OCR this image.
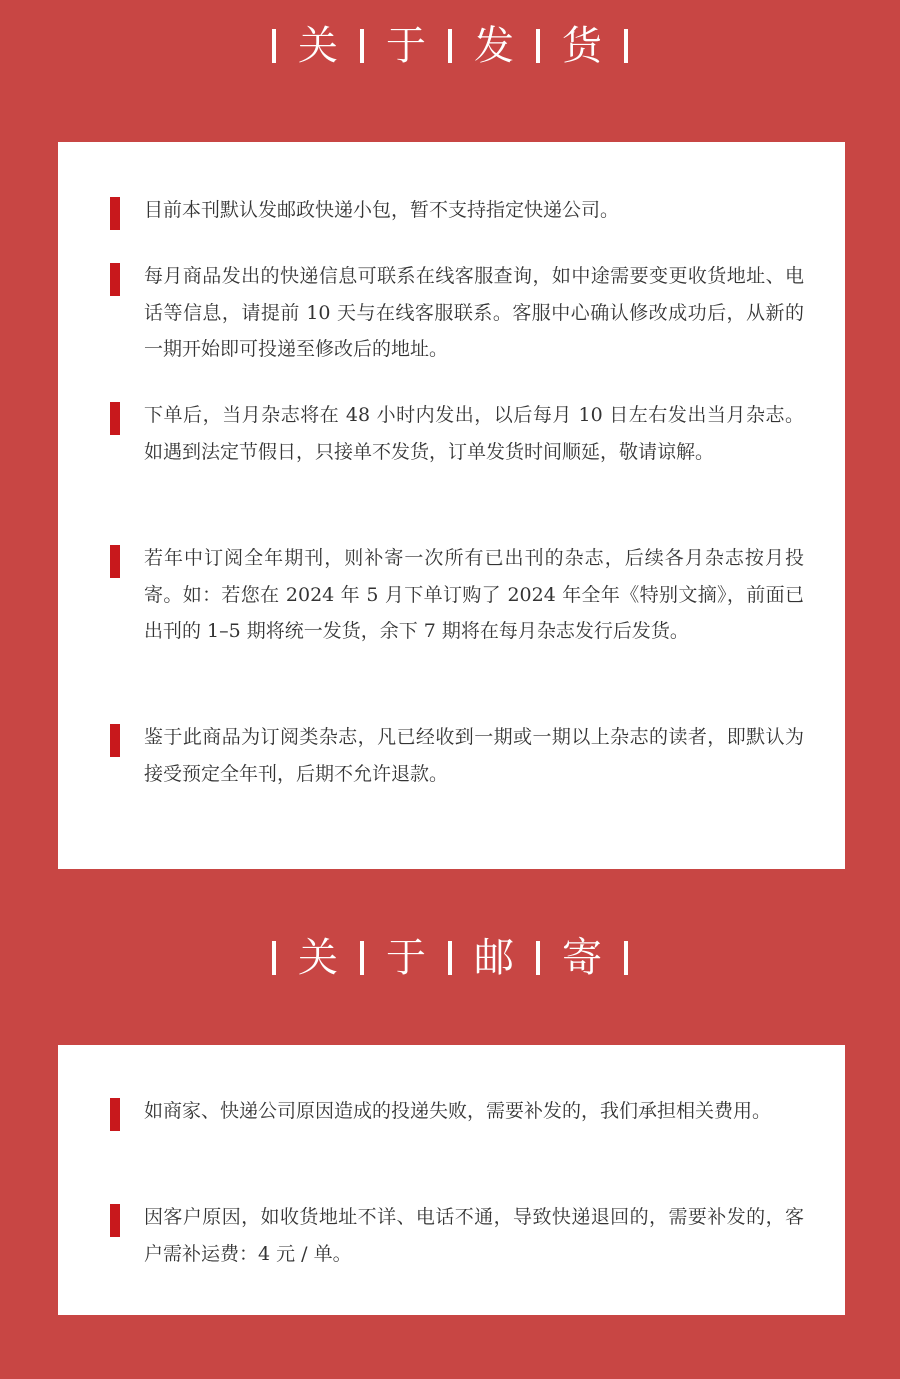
关 于 发 货

目前本刊默认发邮政快递小包，暂不支持指定快递公司。

每月商品发出的快递信息可联系在线客服查询，如中途需要变更收货地址、电话等信息，请提前 10 天与在线客服联系。客服中心确认修改成功后，从新的一期开始即可投递至修改后的地址。

下单后，当月杂志将在 48 小时内发出，以后每月 10 日左右发出当月杂志。如遇到法定节假日，只接单不发货，订单发货时间顺延，敬请谅解。

若年中订阅全年期刊，则补寄一次所有已出刊的杂志，后续各月杂志按月投寄。如：若您在 2024 年 5 月下单订购了 2024 年全年《特别文摘》，前面已出刊的 1–5 期将统一发货，余下 7 期将在每月杂志发行后发货。

鉴于此商品为订阅类杂志，凡已经收到一期或一期以上杂志的读者，即默认为接受预定全年刊，后期不允许退款。

关 于 邮 寄

如商家、快递公司原因造成的投递失败，需要补发的，我们承担相关费用。

因客户原因，如收货地址不详、电话不通，导致快递退回的，需要补发的，客户需补运费：4 元 / 单。
